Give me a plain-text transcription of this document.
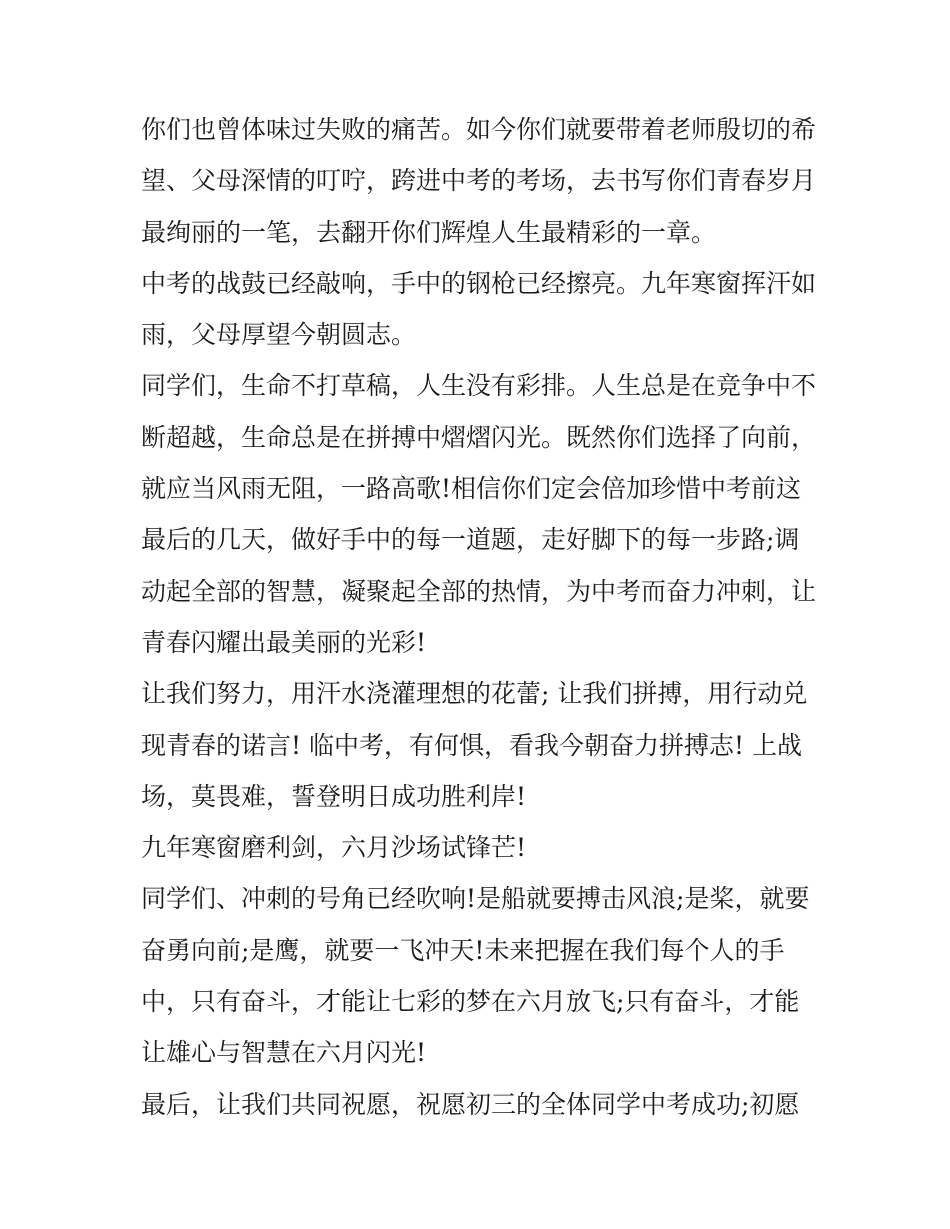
你们也曾体味过失败的痛苦。如今你们就要带着老师殷切的希
望、父母深情的叮咛，跨进中考的考场，去书写你们青春岁月
最绚丽的一笔，去翻开你们辉煌人生最精彩的一章。
中考的战鼓已经敲响，手中的钢枪已经擦亮。九年寒窗挥汗如
雨，父母厚望今朝圆志。
同学们，生命不打草稿，人生没有彩排。人生总是在竞争中不
断超越，生命总是在拼搏中熠熠闪光。既然你们选择了向前，
就应当风雨无阻，一路高歌!相信你们定会倍加珍惜中考前这
最后的几天，做好手中的每一道题，走好脚下的每一步路;调
动起全部的智慧，凝聚起全部的热情，为中考而奋力冲刺，让
青春闪耀出最美丽的光彩!
让我们努力，用汗水浇灌理想的花蕾; 让我们拼搏，用行动兑
现青春的诺言! 临中考，有何惧，看我今朝奋力拼搏志! 上战
场，莫畏难，誓登明日成功胜利岸!
九年寒窗磨利剑，六月沙场试锋芒!
同学们、冲刺的号角已经吹响!是船就要搏击风浪;是桨，就要
奋勇向前;是鹰，就要一飞冲天!未来把握在我们每个人的手
中，只有奋斗，才能让七彩的梦在六月放飞;只有奋斗，才能
让雄心与智慧在六月闪光!
最后，让我们共同祝愿，祝愿初三的全体同学中考成功;初愿
